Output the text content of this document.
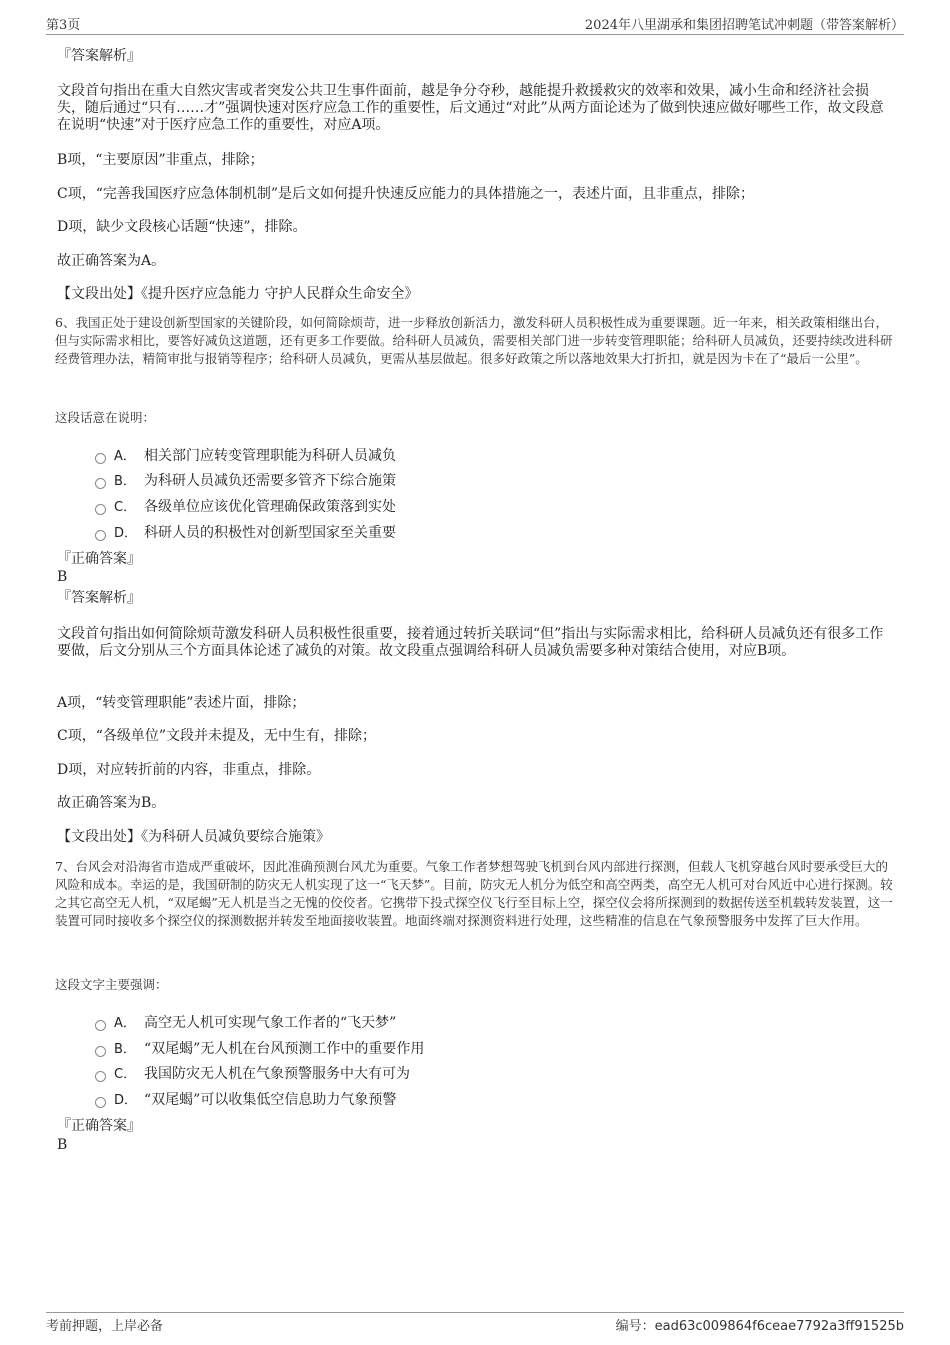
第3页	2024年八里湖承和集团招聘笔试冲刺题（带答案解析）
『答案解析』
文段首句指出在重大自然灾害或者突发公共卫生事件面前，越是争分夺秒，越能提升救援救灾的效率和效果，减小生命和经济社会损失，随后通过“只有……才”强调快速对医疗应急工作的重要性，后文通过“对此”从两方面论述为了做到快速应做好哪些工作，故文段意在说明“快速”对于医疗应急工作的重要性，对应A项。
B项，“主要原因”非重点，排除；
C项，“完善我国医疗应急体制机制”是后文如何提升快速反应能力的具体措施之一，表述片面，且非重点，排除；
D项，缺少文段核心话题“快速”，排除。
故正确答案为A。
【文段出处】《提升医疗应急能力 守护人民群众生命安全》
6、我国正处于建设创新型国家的关键阶段，如何简除烦苛，进一步释放创新活力，激发科研人员积极性成为重要课题。近一年来，相关政策相继出台，但与实际需求相比，要答好减负这道题，还有更多工作要做。给科研人员减负，需要相关部门进一步转变管理职能；给科研人员减负，还要持续改进科研经费管理办法，精简审批与报销等程序；给科研人员减负，更需从基层做起。很多好政策之所以落地效果大打折扣，就是因为卡在了“最后一公里”。
这段话意在说明：
A． 相关部门应转变管理职能为科研人员减负
B． 为科研人员减负还需要多管齐下综合施策
C． 各级单位应该优化管理确保政策落到实处
D． 科研人员的积极性对创新型国家至关重要
『正确答案』
B
『答案解析』
文段首句指出如何简除烦苛激发科研人员积极性很重要，接着通过转折关联词“但”指出与实际需求相比，给科研人员减负还有很多工作要做，后文分别从三个方面具体论述了减负的对策。故文段重点强调给科研人员减负需要多种对策结合使用，对应B项。
A项，“转变管理职能”表述片面，排除；
C项，“各级单位”文段并未提及，无中生有，排除；
D项，对应转折前的内容，非重点，排除。
故正确答案为B。
【文段出处】《为科研人员减负要综合施策》
7、台风会对沿海省市造成严重破坏，因此准确预测台风尤为重要。气象工作者梦想驾驶飞机到台风内部进行探测，但载人飞机穿越台风时要承受巨大的风险和成本。幸运的是，我国研制的防灾无人机实现了这一“飞天梦”。目前，防灾无人机分为低空和高空两类，高空无人机可对台风近中心进行探测。较之其它高空无人机，“双尾蝎”无人机是当之无愧的佼佼者。它携带下投式探空仪飞行至目标上空，探空仪会将所探测到的数据传送至机载转发装置，这一装置可同时接收多个探空仪的探测数据并转发至地面接收装置。地面终端对探测资料进行处理，这些精准的信息在气象预警服务中发挥了巨大作用。
这段文字主要强调：
A． 高空无人机可实现气象工作者的“飞天梦”
B． “双尾蝎”无人机在台风预测工作中的重要作用
C． 我国防灾无人机在气象预警服务中大有可为
D． “双尾蝎”可以收集低空信息助力气象预警
『正确答案』
B
考前押题，上岸必备	编号：ead63c009864f6ceae7792a3ff91525b
